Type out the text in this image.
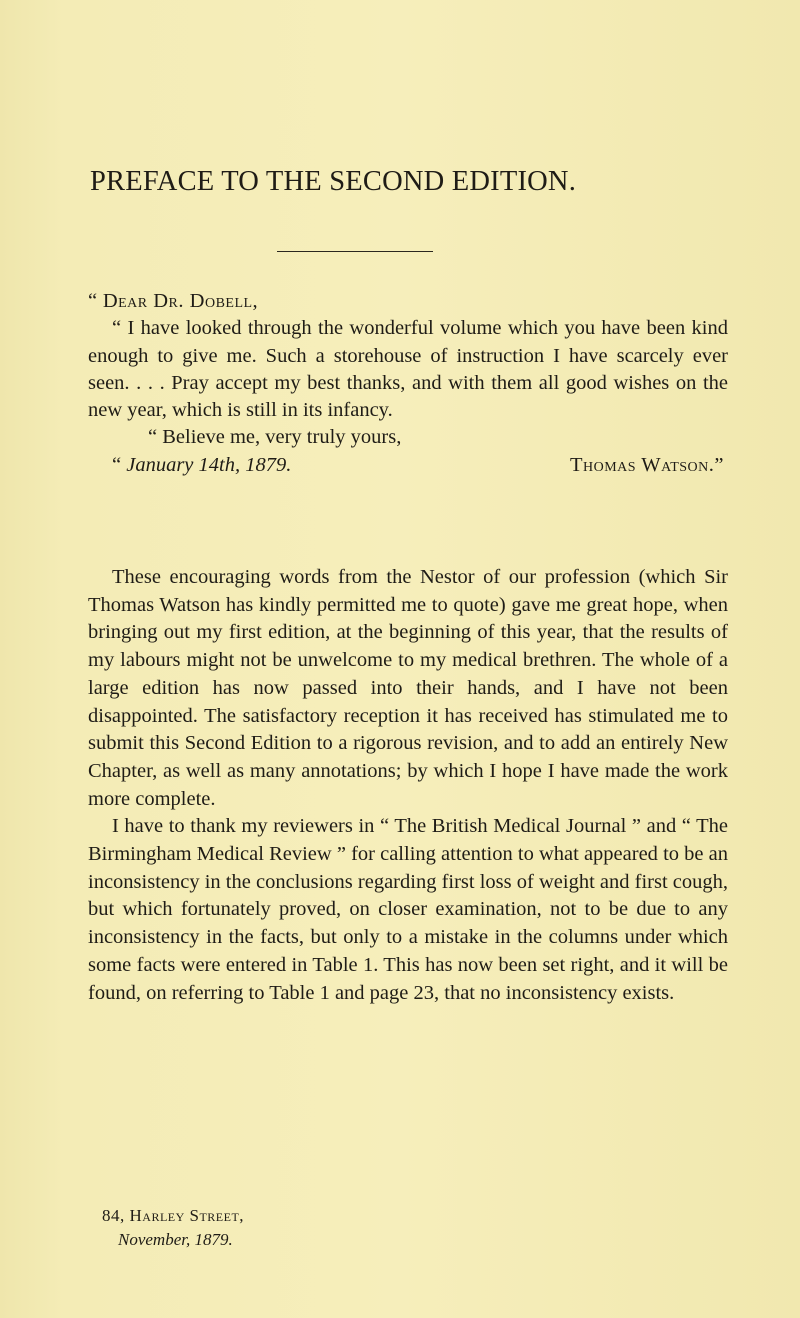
PREFACE TO THE SECOND EDITION.

“ Dear Dr. Dobell,

“ I have looked through the wonderful volume which you have been kind enough to give me. Such a storehouse of instruction I have scarcely ever seen. . . . Pray accept my best thanks, and with them all good wishes on the new year, which is still in its infancy.

“ Believe me, very truly yours,

“ January 14th, 1879.	Thomas Watson.”

These encouraging words from the Nestor of our profession (which Sir Thomas Watson has kindly permitted me to quote) gave me great hope, when bringing out my first edition, at the beginning of this year, that the results of my labours might not be unwelcome to my medical brethren. The whole of a large edition has now passed into their hands, and I have not been disappointed. The satisfactory reception it has received has stimulated me to submit this Second Edition to a rigorous revision, and to add an entirely New Chapter, as well as many annotations; by which I hope I have made the work more complete.

I have to thank my reviewers in “ The British Medical Journal ” and “ The Birmingham Medical Review ” for calling attention to what appeared to be an inconsistency in the conclusions regarding first loss of weight and first cough, but which fortunately proved, on closer examination, not to be due to any inconsistency in the facts, but only to a mistake in the columns under which some facts were entered in Table 1. This has now been set right, and it will be found, on referring to Table 1 and page 23, that no inconsistency exists.

84, Harley Street,
November, 1879.
